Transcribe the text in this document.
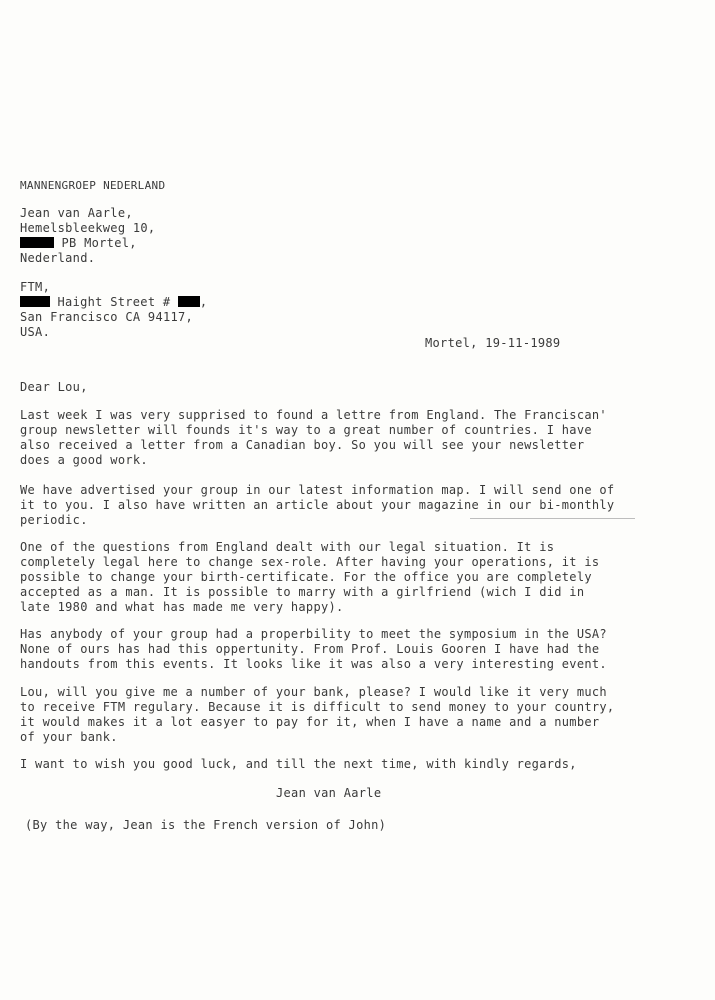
MANNENGROEP NEDERLAND
Jean van Aarle,
Hemelsbleekweg 10,
PB Mortel,
Nederland.
FTM,
Haight Street # ,
San Francisco CA 94117,
USA.
Mortel, 19-11-1989
Dear Lou,
Last week I was very supprised to found a lettre from England. The Franciscan'
group newsletter will founds it's way to a great number of countries. I have
also received a letter from a Canadian boy. So you will see your newsletter
does a good work.
We have advertised your group in our latest information map. I will send one of
it to you. I also have written an article about your magazine in our bi-monthly
periodic.
One of the questions from England dealt with our legal situation. It is
completely legal here to change sex-role. After having your operations, it is
possible to change your birth-certificate. For the office you are completely
accepted as a man. It is possible to marry with a girlfriend (wich I did in
late 1980 and what has made me very happy).
Has anybody of your group had a properbility to meet the symposium in the USA?
None of ours has had this oppertunity. From Prof. Louis Gooren I have had the
handouts from this events. It looks like it was also a very interesting event.
Lou, will you give me a number of your bank, please? I would like it very much
to receive FTM regulary. Because it is difficult to send money to your country,
it would makes it a lot easyer to pay for it, when I have a name and a number
of your bank.
I want to wish you good luck, and till the next time, with kindly regards,
Jean van Aarle
(By the way, Jean is the French version of John)
